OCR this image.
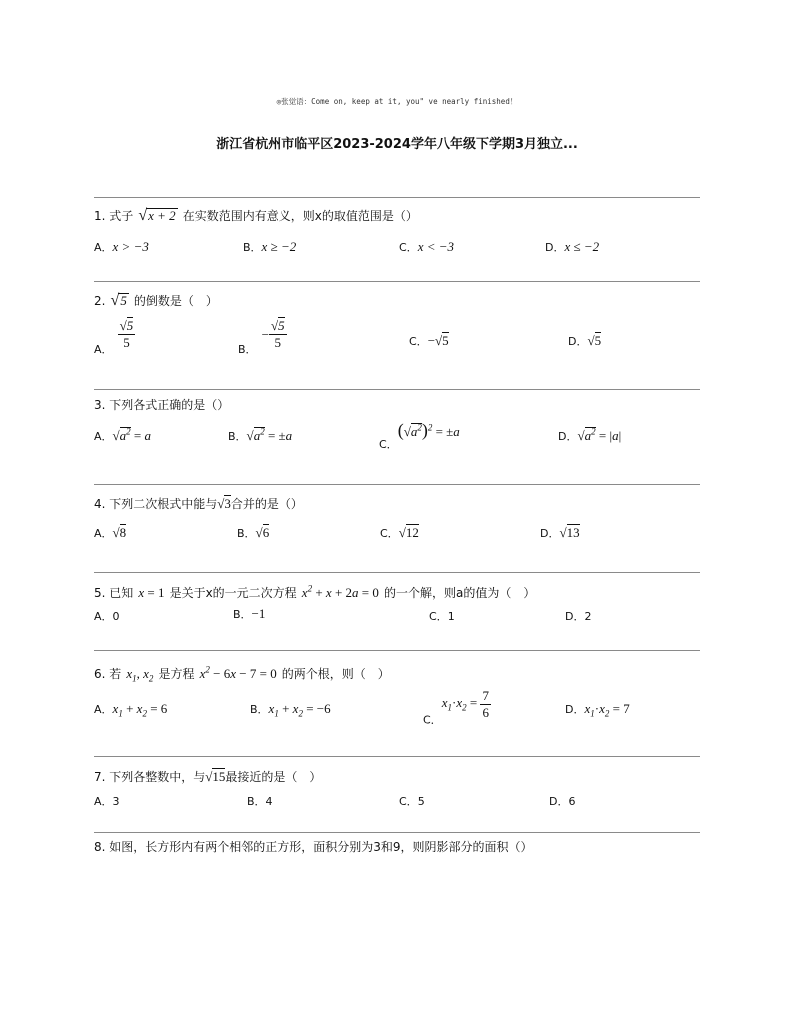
◎张觉语：Come on, keep at it, you" ve nearly finished！
浙江省杭州市临平区2023-2024学年八年级下学期3月独立...
1. 式子 √x + 2 在实数范围内有意义，则x的取值范围是（）
A．x > −3	B．x ≥ −2	C．x < −3	D．x ≤ −2
2. √5 的倒数是（　）
$_{A.} \frac{√5}{5}$	$_{B.} - \frac{√5}{5}$	C．−√5	D．√5
3. 下列各式正确的是（）
A．$√a^2 = a$	B．$√a^2 = \pm a$
$_{C.}(√a^2)^2 = \pm a$	D．$√a^2 = |a|$
4. 下列二次根式中能与√3合并的是（）
A．√8	B．√6	C．√12	D．√13
5. 已知 x = 1 是关于x的一元二次方程 $x^2 + x + 2a = 0$ 的一个解，则a的值为（　）
A．0	B．−1	C．1	D．2
6. 若 $x_1$, $x_2$ 是方程 $x^2 - 6x - 7 = 0$ 的两个根，则（　）
A．$x_1 + x_2 = 6$	B．$x_1 + x_2 = -6$
$_{C.}x_1\cdot x_2 = \frac{7}{6}$	D．$x_1\cdot x_2 = 7$
7. 下列各整数中，与√15最接近的是（　）
A．3	B．4	C．5	D．6
8. 如图，长方形内有两个相邻的正方形，面积分别为3和9，则阴影部分的面积（）
